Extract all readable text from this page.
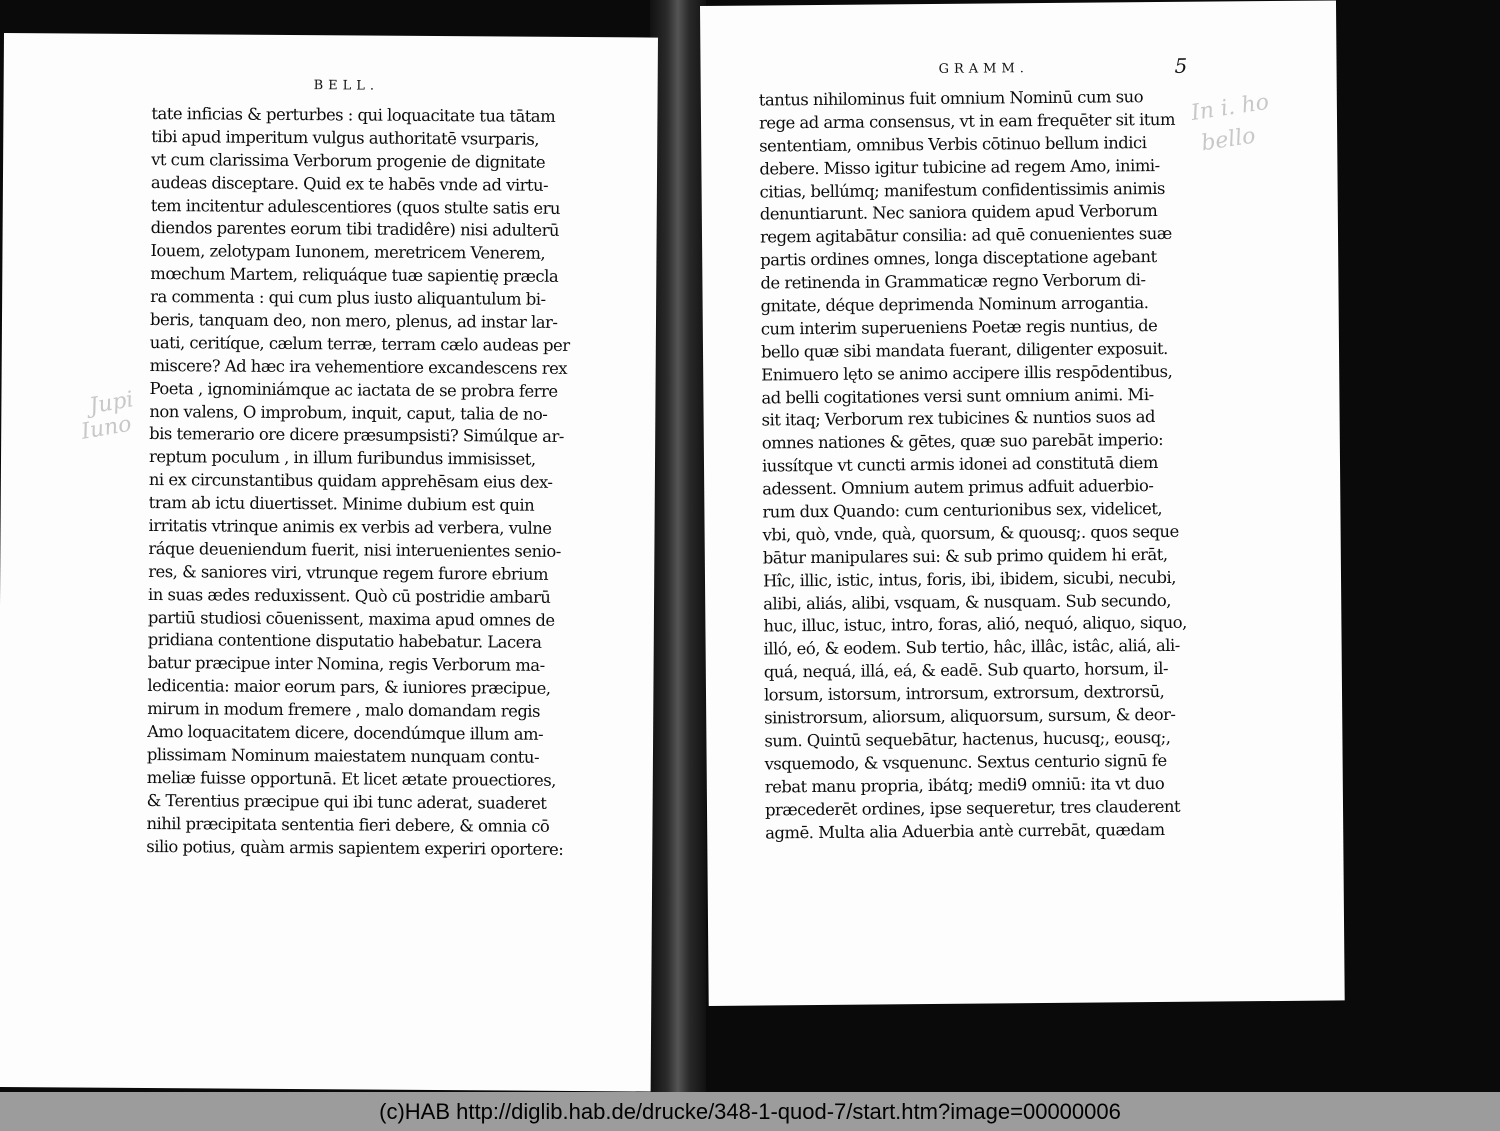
BELL.
Jupi
Iuno
tate inficias & perturbes : qui loquacitate tua tātam
tibi apud imperitum vulgus authoritatē vsurparis,
vt cum clarissima Verborum progenie de dignitate
audeas disceptare. Quid ex te habēs vnde ad virtu-
tem incitentur adulescentiores (quos stulte satis eru
diendos parentes eorum tibi tradidêre) nisi adulterū
Iouem, zelotypam Iunonem, meretricem Venerem,
mœchum Martem, reliquáque tuæ sapientię præcla
ra commenta : qui cum plus iusto aliquantulum bi-
beris, tanquam deo, non mero, plenus, ad instar lar-
uati, ceritíque, cælum terræ, terram cælo audeas per
miscere? Ad hæc ira vehementiore excandescens rex
Poeta , ignominiámque ac iactata de se probra ferre
non valens, O improbum, inquit, caput, talia de no-
bis temerario ore dicere præsumpsisti? Simúlque ar-
reptum poculum , in illum furibundus immisisset,
ni ex circunstantibus quidam apprehēsam eius dex-
tram ab ictu diuertisset. Minime dubium est quin
irritatis vtrinque animis ex verbis ad verbera, vulne
ráque deueniendum fuerit, nisi interuenientes senio-
res, & saniores viri, vtrunque regem furore ebrium
in suas ædes reduxissent. Quò cū postridie ambarū
partiū studiosi cōuenissent, maxima apud omnes de
pridiana contentione disputatio habebatur. Lacera
batur præcipue inter Nomina, regis Verborum ma-
ledicentia: maior eorum pars, & iuniores præcipue,
mirum in modum fremere , malo domandam regis
Amo loquacitatem dicere, docendúmque illum am-
plissimam Nominum maiestatem nunquam contu-
meliæ fuisse opportunā. Et licet ætate prouectiores,
& Terentius præcipue qui ibi tunc aderat, suaderet
nihil præcipitata sententia fieri debere, & omnia cō
silio potius, quàm armis sapientem experiri oportere:
GRAMM.	5
In i. ho
bello
tantus nihilominus fuit omnium Nominū cum suo
rege ad arma consensus, vt in eam frequēter sit itum
sententiam, omnibus Verbis cōtinuo bellum indici
debere. Misso igitur tubicine ad regem Amo, inimi-
citias, bellúmq; manifestum confidentissimis animis
denuntiarunt. Nec saniora quidem apud Verborum
regem agitabātur consilia: ad quē conuenientes suæ
partis ordines omnes, longa disceptatione agebant
de retinenda in Grammaticæ regno Verborum di-
gnitate, déque deprimenda Nominum arrogantia.
cum interim superueniens Poetæ regis nuntius, de
bello quæ sibi mandata fuerant, diligenter exposuit.
Enimuero lęto se animo accipere illis respōdentibus,
ad belli cogitationes versi sunt omnium animi. Mi-
sit itaq; Verborum rex tubicines & nuntios suos ad
omnes nationes & gētes, quæ suo parebāt imperio:
iussítque vt cuncti armis idonei ad constitutā diem
adessent. Omnium autem primus adfuit aduerbio-
rum dux Quando: cum centurionibus sex, videlicet,
vbi, quò, vnde, quà, quorsum, & quousq;. quos seque
bātur manipulares sui: & sub primo quidem hi erāt,
Hîc, illic, istic, intus, foris, ibi, ibidem, sicubi, necubi,
alibi, aliás, alibi, vsquam, & nusquam. Sub secundo,
huc, illuc, istuc, intro, foras, alió, nequó, aliquo, siquo,
illó, eó, & eodem. Sub tertio, hâc, illâc, istâc, aliá, ali-
quá, nequá, illá, eá, & eadē. Sub quarto, horsum, il-
lorsum, istorsum, introrsum, extrorsum, dextrorsū,
sinistrorsum, aliorsum, aliquorsum, sursum, & deor-
sum. Quintū sequebātur, hactenus, hucusq;, eousq;,
vsquemodo, & vsquenunc. Sextus centurio signū fe
rebat manu propria, ibátq; medi9 omniū: ita vt duo
præcederēt ordines, ipse sequeretur, tres clauderent
agmē. Multa alia Aduerbia antè currebāt, quædam
(c)HAB http://diglib.hab.de/drucke/348-1-quod-7/start.htm?image=00000006
